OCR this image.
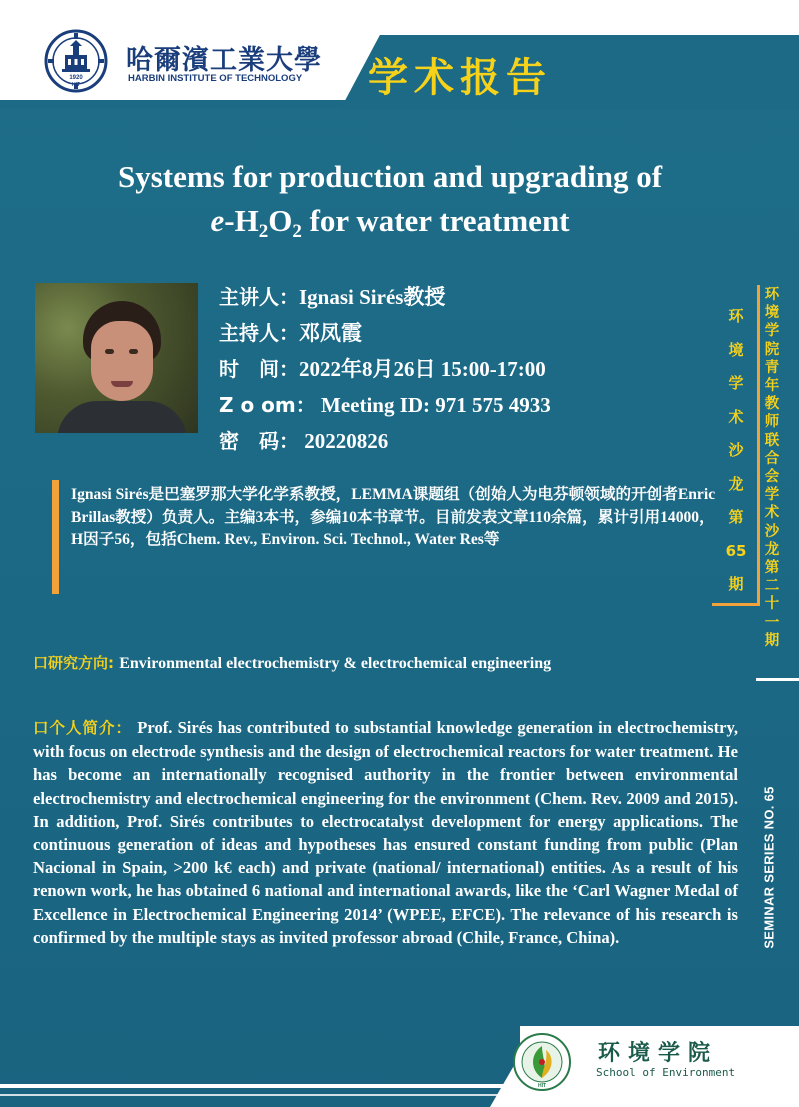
1920
HIT
哈爾濱工業大學
HARBIN INSTITUTE OF TECHNOLOGY 学术报告
Systems for production and upgrading of
$e-H_2O_2$ for water treatment
主讲人：Ignasi Sirés教授
主持人：邓凤霞
时　间：2022年8月26日 15:00-17:00
Z o om： Meeting ID: 971 575 4933
密　码： 20220826
Ignasi Sirés是巴塞罗那大学化学系教授，LEMMA课题组（创始人为电芬顿领域的开创者Enric Brillas教授）负责人。主编3本书，参编10本书章节。目前发表文章110余篇，累计引用14000，H因子56，包括Chem. Rev., Environ. Sci. Technol., Water Res等
口研究方向: Environmental electrochemistry & electrochemical engineering
口个人简介： Prof. Sirés has contributed to substantial knowledge generation in electrochemistry, with focus on electrode synthesis and the design of electrochemical reactors for water treatment. He has become an internationally recognised authority in the frontier between environmental electrochemistry and electrochemical engineering for the environment (Chem. Rev. 2009 and 2015). In addition, Prof. Sirés contributes to electrocatalyst development for energy applications. The continuous generation of ideas and hypotheses has ensured constant funding from public (Plan Nacional in Spain, >200 k€ each) and private (national/ international) entities. As a result of his renown work, he has obtained 6 national and international awards, like the ‘Carl Wagner Medal of Excellence in Electrochemical Engineering 2014’ (WPEE, EFCE). The relevance of his research is confirmed by the multiple stays as invited professor abroad (Chile, France, China).
环
境
学
术
沙
龙
第
65
期
环
境
学
院
青
年
教
师
联
合
会
学
术
沙
龙
第
二
十
一
期
SEMINAR SERIES NO. 65
HIT
环境学院
School of Environment
